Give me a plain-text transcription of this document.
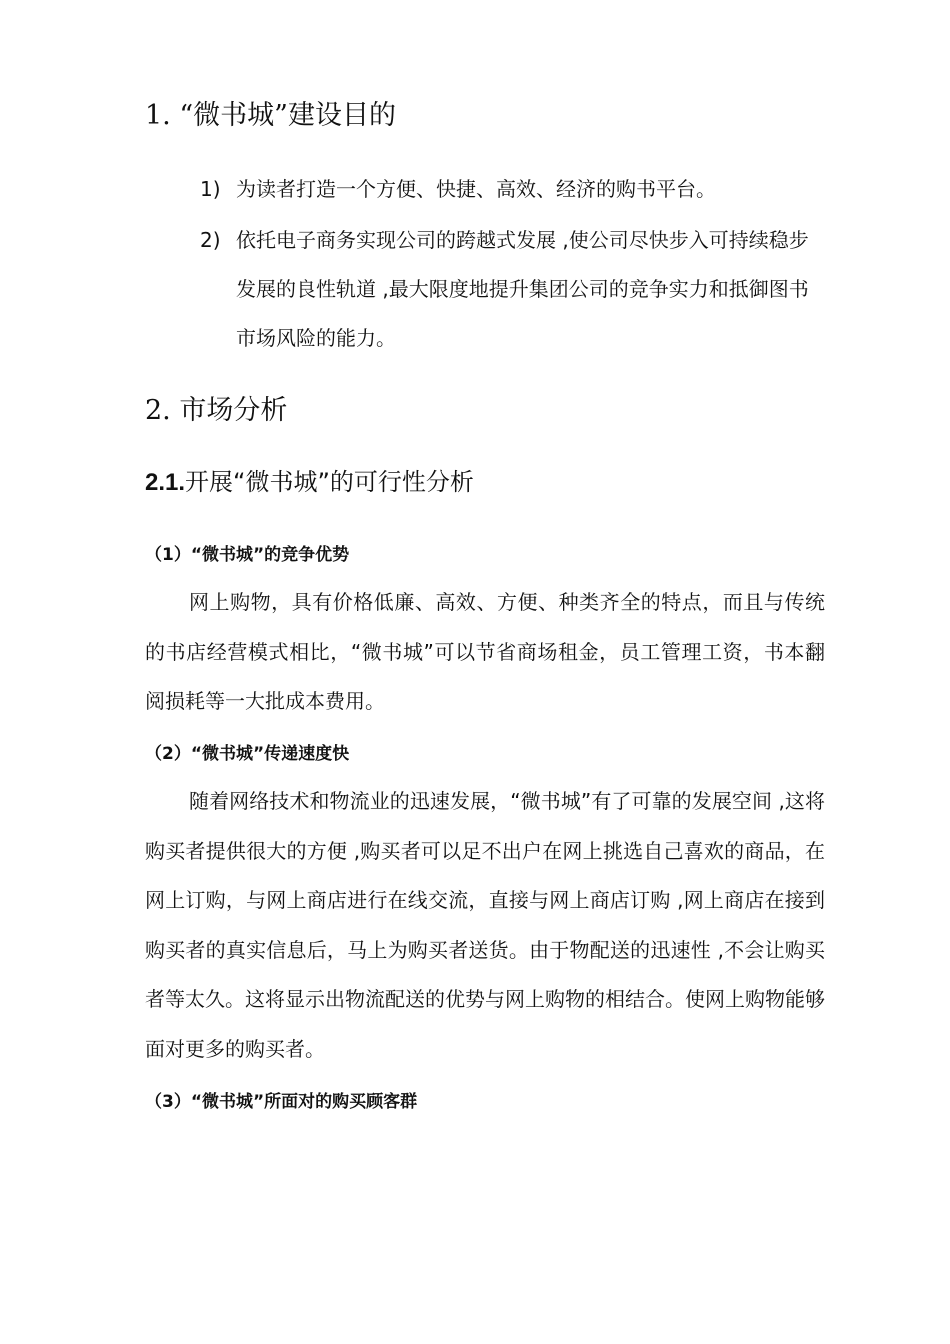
1. “微书城”建设目的
1) 为读者打造一个方便、快捷、高效、经济的购书平台。
2) 依托电子商务实现公司的跨越式发展 ,使公司尽快步入可持续稳步发展的良性轨道 ,最大限度地提升集团公司的竞争实力和抵御图书市场风险的能力。
2. 市场分析
2.1.开展“微书城”的可行性分析
（1）“微书城”的竞争优势
网上购物，具有价格低廉、高效、方便、种类齐全的特点，而且与传统的书店经营模式相比，“微书城”可以节省商场租金，员工管理工资，书本翻阅损耗等一大批成本费用。
（2）“微书城”传递速度快
随着网络技术和物流业的迅速发展，“微书城”有了可靠的发展空间 ,这将购买者提供很大的方便 ,购买者可以足不出户在网上挑选自己喜欢的商品，在网上订购，与网上商店进行在线交流，直接与网上商店订购 ,网上商店在接到购买者的真实信息后，马上为购买者送货。由于物配送的迅速性 ,不会让购买者等太久。这将显示出物流配送的优势与网上购物的相结合。使网上购物能够面对更多的购买者。
（3）“微书城”所面对的购买顾客群
